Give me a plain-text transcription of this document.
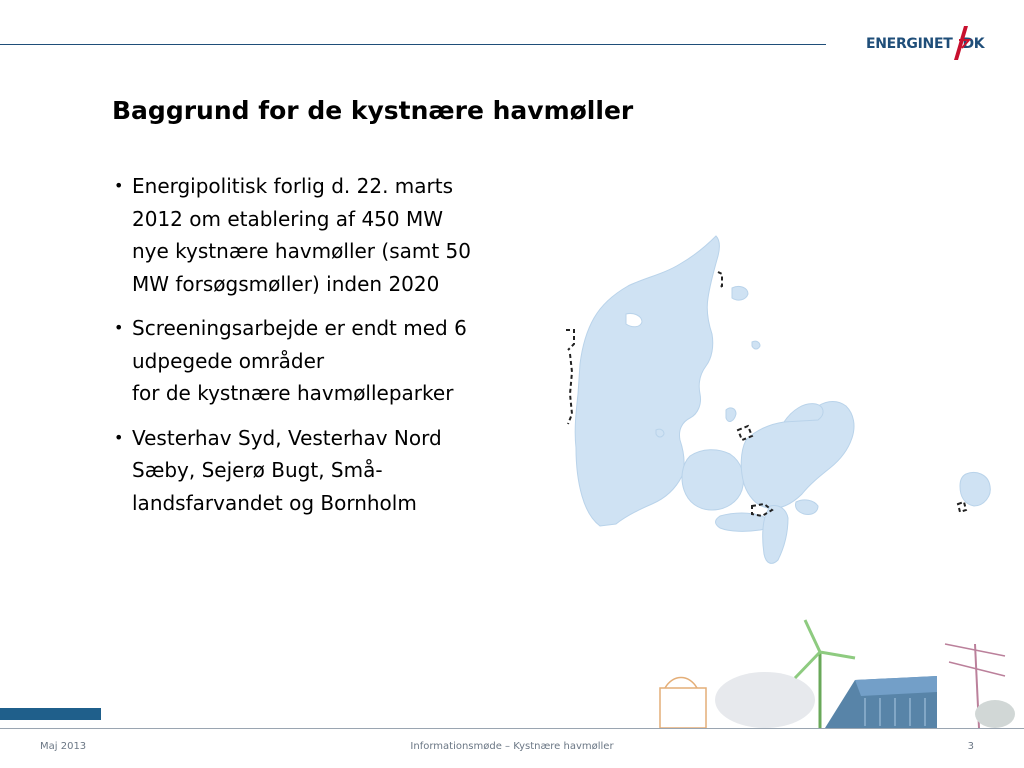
ENERGINET DK
Baggrund for de kystnære havmøller
• Energipolitisk forlig d. 22. marts
2012 om etablering af 450 MW
nye kystnære havmøller (samt 50
MW forsøgsmøller) inden 2020
• Screeningsarbejde er endt med 6
udpegede områder
for de kystnære havmølleparker
• Vesterhav Syd, Vesterhav Nord
Sæby, Sejerø Bugt, Små-
landsfarvandet og Bornholm
Maj 2013	Informationsmøde – Kystnære havmøller	3
